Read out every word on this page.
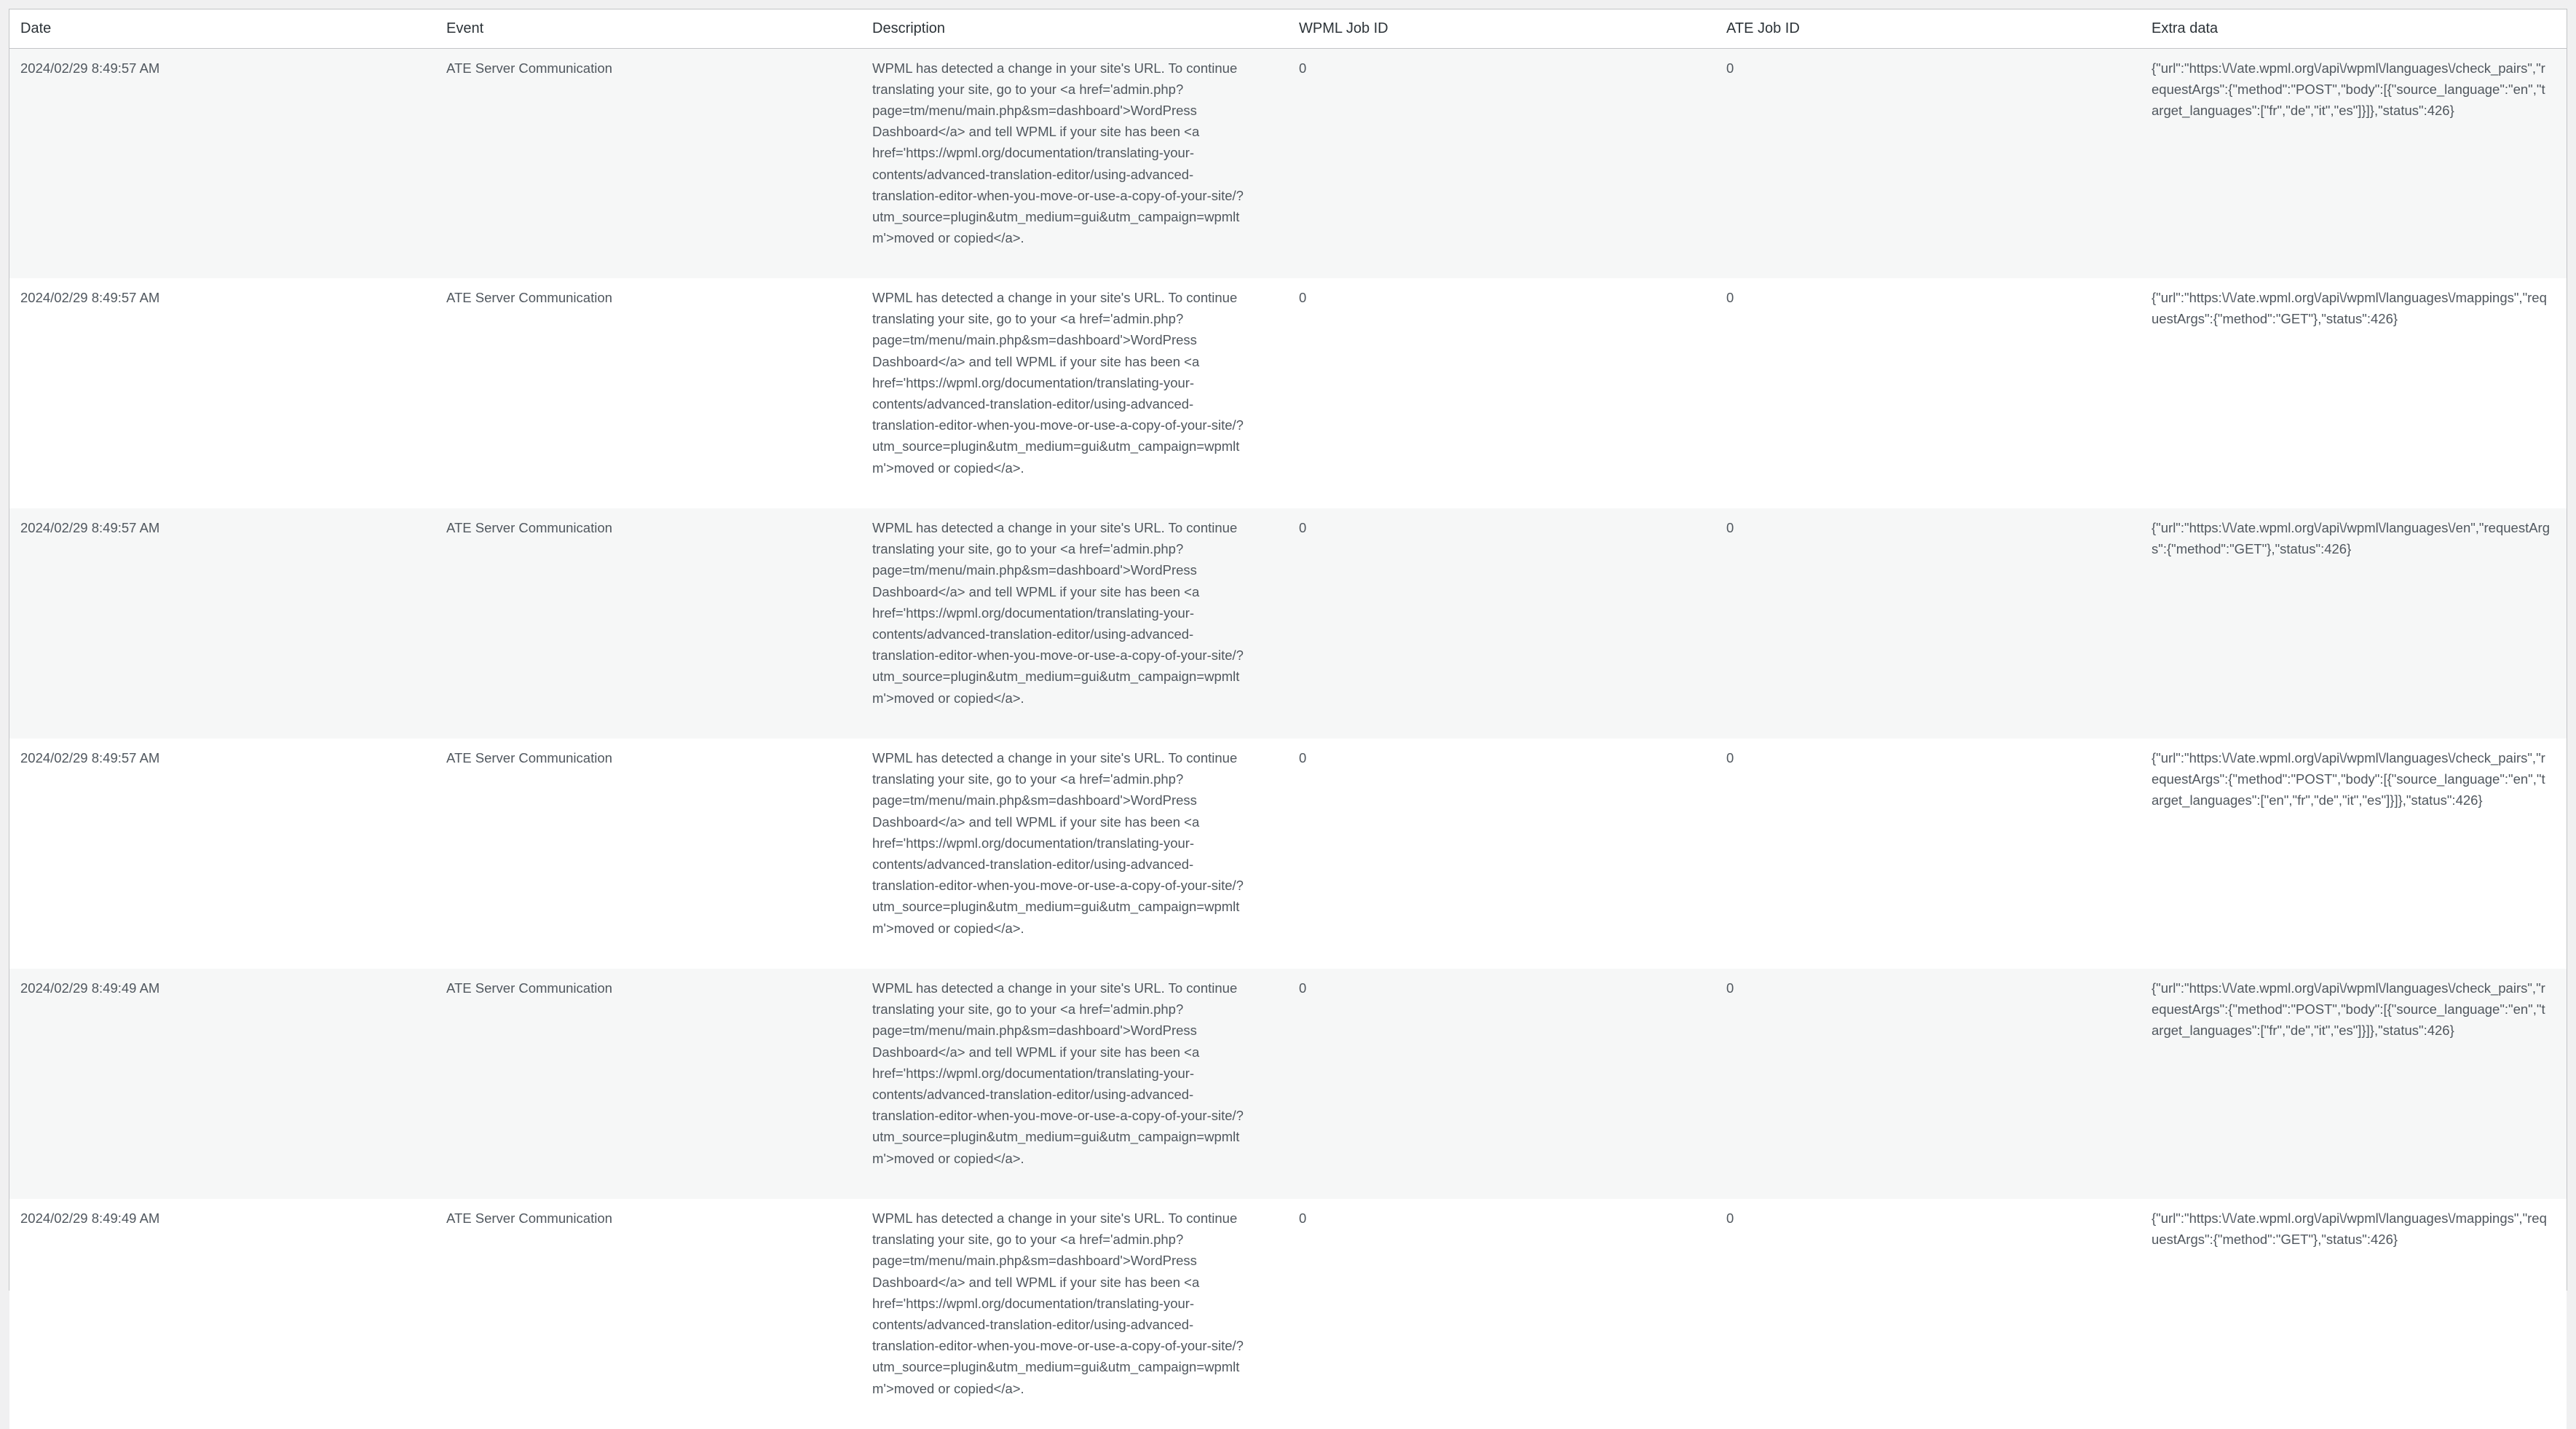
Date	Event	Description	WPML Job ID	ATE Job ID	Extra data
2024/02/29 8:49:57 AM	ATE Server Communication	WPML has detected a change in your site's URL. To continue translating your site, go to your <a href='admin.php?page=tm/menu/main.php&sm=dashboard'>WordPress Dashboard</a> and tell WPML if your site has been <a href='https://wpml.org/documentation/translating-your-contents/advanced-translation-editor/using-advanced-translation-editor-when-you-move-or-use-a-copy-of-your-site/?utm_source=plugin&utm_medium=gui&utm_campaign=wpmltm'>moved or copied</a>.	0	0	{"url":"https:\/\/ate.wpml.org\/api\/wpml\/languages\/check_pairs","requestArgs":{"method":"POST","body":[{"source_language":"en","target_languages":["fr","de","it","es"]}]},"status":426}
2024/02/29 8:49:57 AM	ATE Server Communication	WPML has detected a change in your site's URL. To continue translating your site, go to your <a href='admin.php?page=tm/menu/main.php&sm=dashboard'>WordPress Dashboard</a> and tell WPML if your site has been <a href='https://wpml.org/documentation/translating-your-contents/advanced-translation-editor/using-advanced-translation-editor-when-you-move-or-use-a-copy-of-your-site/?utm_source=plugin&utm_medium=gui&utm_campaign=wpmltm'>moved or copied</a>.	0	0	{"url":"https:\/\/ate.wpml.org\/api\/wpml\/languages\/mappings","requestArgs":{"method":"GET"},"status":426}
2024/02/29 8:49:57 AM	ATE Server Communication	WPML has detected a change in your site's URL. To continue translating your site, go to your <a href='admin.php?page=tm/menu/main.php&sm=dashboard'>WordPress Dashboard</a> and tell WPML if your site has been <a href='https://wpml.org/documentation/translating-your-contents/advanced-translation-editor/using-advanced-translation-editor-when-you-move-or-use-a-copy-of-your-site/?utm_source=plugin&utm_medium=gui&utm_campaign=wpmltm'>moved or copied</a>.	0	0	{"url":"https:\/\/ate.wpml.org\/api\/wpml\/languages\/en","requestArgs":{"method":"GET"},"status":426}
2024/02/29 8:49:57 AM	ATE Server Communication	WPML has detected a change in your site's URL. To continue translating your site, go to your <a href='admin.php?page=tm/menu/main.php&sm=dashboard'>WordPress Dashboard</a> and tell WPML if your site has been <a href='https://wpml.org/documentation/translating-your-contents/advanced-translation-editor/using-advanced-translation-editor-when-you-move-or-use-a-copy-of-your-site/?utm_source=plugin&utm_medium=gui&utm_campaign=wpmltm'>moved or copied</a>.	0	0	{"url":"https:\/\/ate.wpml.org\/api\/wpml\/languages\/check_pairs","requestArgs":{"method":"POST","body":[{"source_language":"en","target_languages":["en","fr","de","it","es"]}]},"status":426}
2024/02/29 8:49:49 AM	ATE Server Communication	WPML has detected a change in your site's URL. To continue translating your site, go to your <a href='admin.php?page=tm/menu/main.php&sm=dashboard'>WordPress Dashboard</a> and tell WPML if your site has been <a href='https://wpml.org/documentation/translating-your-contents/advanced-translation-editor/using-advanced-translation-editor-when-you-move-or-use-a-copy-of-your-site/?utm_source=plugin&utm_medium=gui&utm_campaign=wpmltm'>moved or copied</a>.	0	0	{"url":"https:\/\/ate.wpml.org\/api\/wpml\/languages\/check_pairs","requestArgs":{"method":"POST","body":[{"source_language":"en","target_languages":["fr","de","it","es"]}]},"status":426}
2024/02/29 8:49:49 AM	ATE Server Communication	WPML has detected a change in your site's URL. To continue translating your site, go to your <a href='admin.php?page=tm/menu/main.php&sm=dashboard'>WordPress Dashboard</a> and tell WPML if your site has been <a href='https://wpml.org/documentation/translating-your-contents/advanced-translation-editor/using-advanced-translation-editor-when-you-move-or-use-a-copy-of-your-site/?utm_source=plugin&utm_medium=gui&utm_campaign=wpmltm'>moved or copied</a>.	0	0	{"url":"https:\/\/ate.wpml.org\/api\/wpml\/languages\/mappings","requestArgs":{"method":"GET"},"status":426}
